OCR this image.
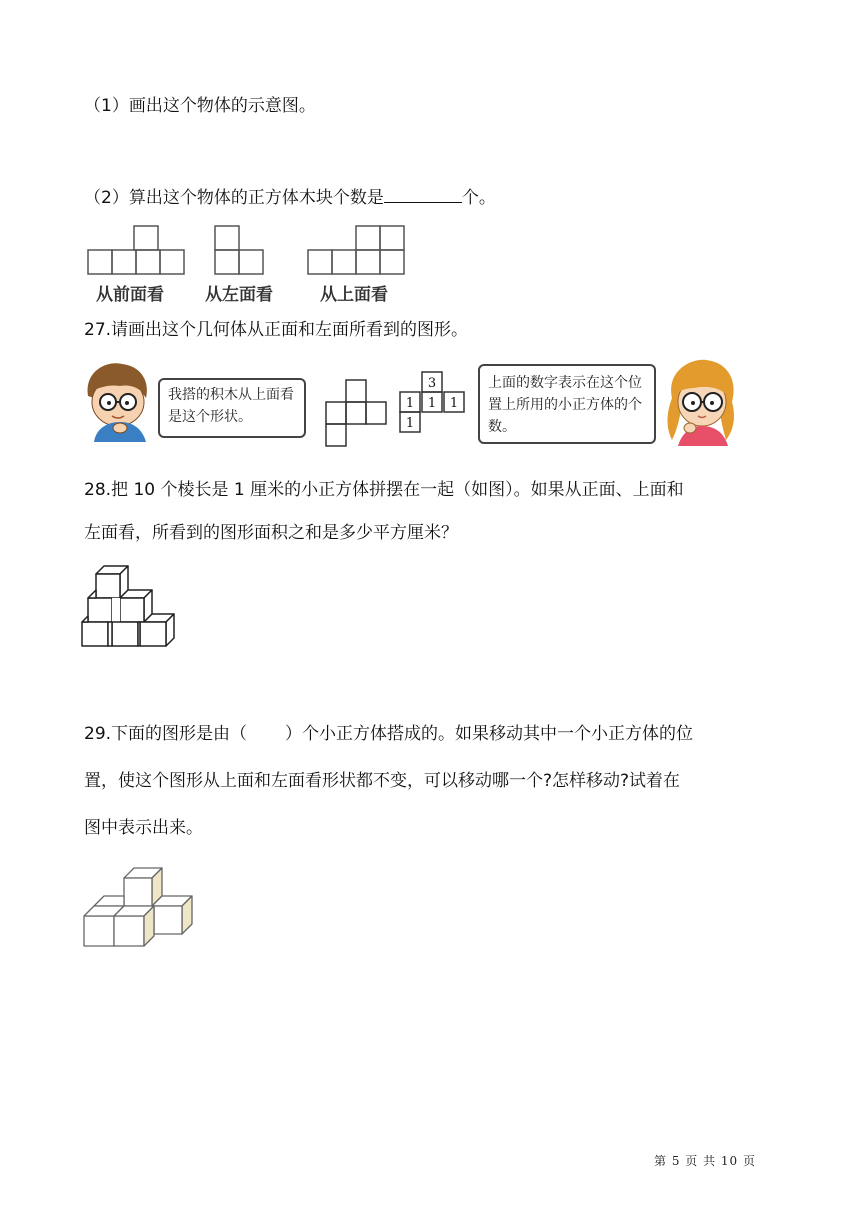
（1）画出这个物体的示意图。
（2）算出这个物体的正方体木块个数是	个。
从前面看 从左面看	从上面看
27.请画出这个几何体从正面和左面所看到的图形。
我搭的积木从上面看是这个形状。
3
1 1 1
1
上面的数字表示在这个位置上所用的小正方体的个数。
28.把 10 个棱长是 1 厘米的小正方体拼摆在一起（如图）。如果从正面、上面和
左面看，所看到的图形面积之和是多少平方厘米？
29.下面的图形是由（ ）个小正方体搭成的。如果移动其中一个小正方体的位
置，使这个图形从上面和左面看形状都不变，可以移动哪一个?怎样移动?试着在
图中表示出来。
第 5 页 共 10 页
